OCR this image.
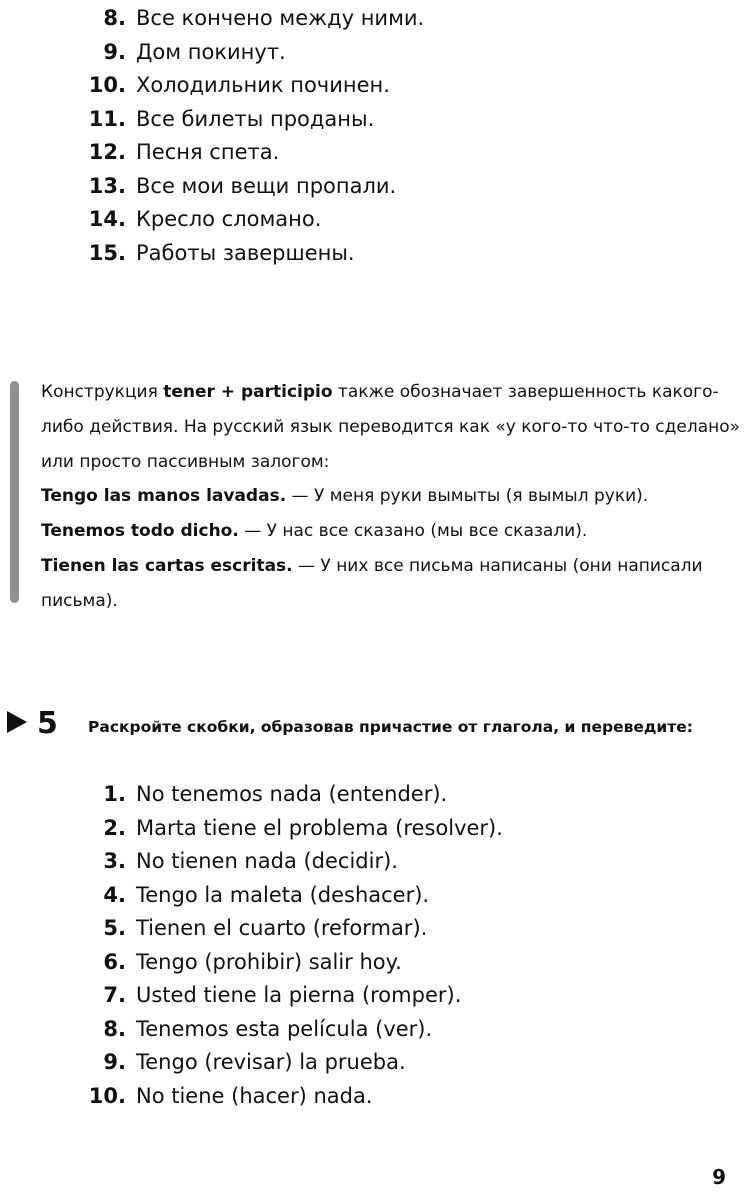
8. Все кончено между ними.
9. Дом покинут.
10. Холодильник починен.
11. Все билеты проданы.
12. Песня спета.
13. Все мои вещи пропали.
14. Кресло сломано.
15. Работы завершены.

Конструкция tener + participio также обозначает завершенность какого-либо действия. На русский язык переводится как «у кого-то что-то сделано» или просто пассивным залогом:

Tengo las manos lavadas. — У меня руки вымыты (я вымыл руки).

Tenemos todo dicho. — У нас все сказано (мы все сказали).

Tienen las cartas escritas. — У них все письма написаны (они написали письма).

5 Раскройте скобки, образовав причастие от глагола, и переведите:
1. No tenemos nada (entender).
2. Marta tiene el problema (resolver).
3. No tienen nada (decidir).
4. Tengo la maleta (deshacer).
5. Tienen el cuarto (reformar).
6. Tengo (prohibir) salir hoy.
7. Usted tiene la pierna (romper).
8. Tenemos esta película (ver).
9. Tengo (revisar) la prueba.
10. No tiene (hacer) nada.
9
